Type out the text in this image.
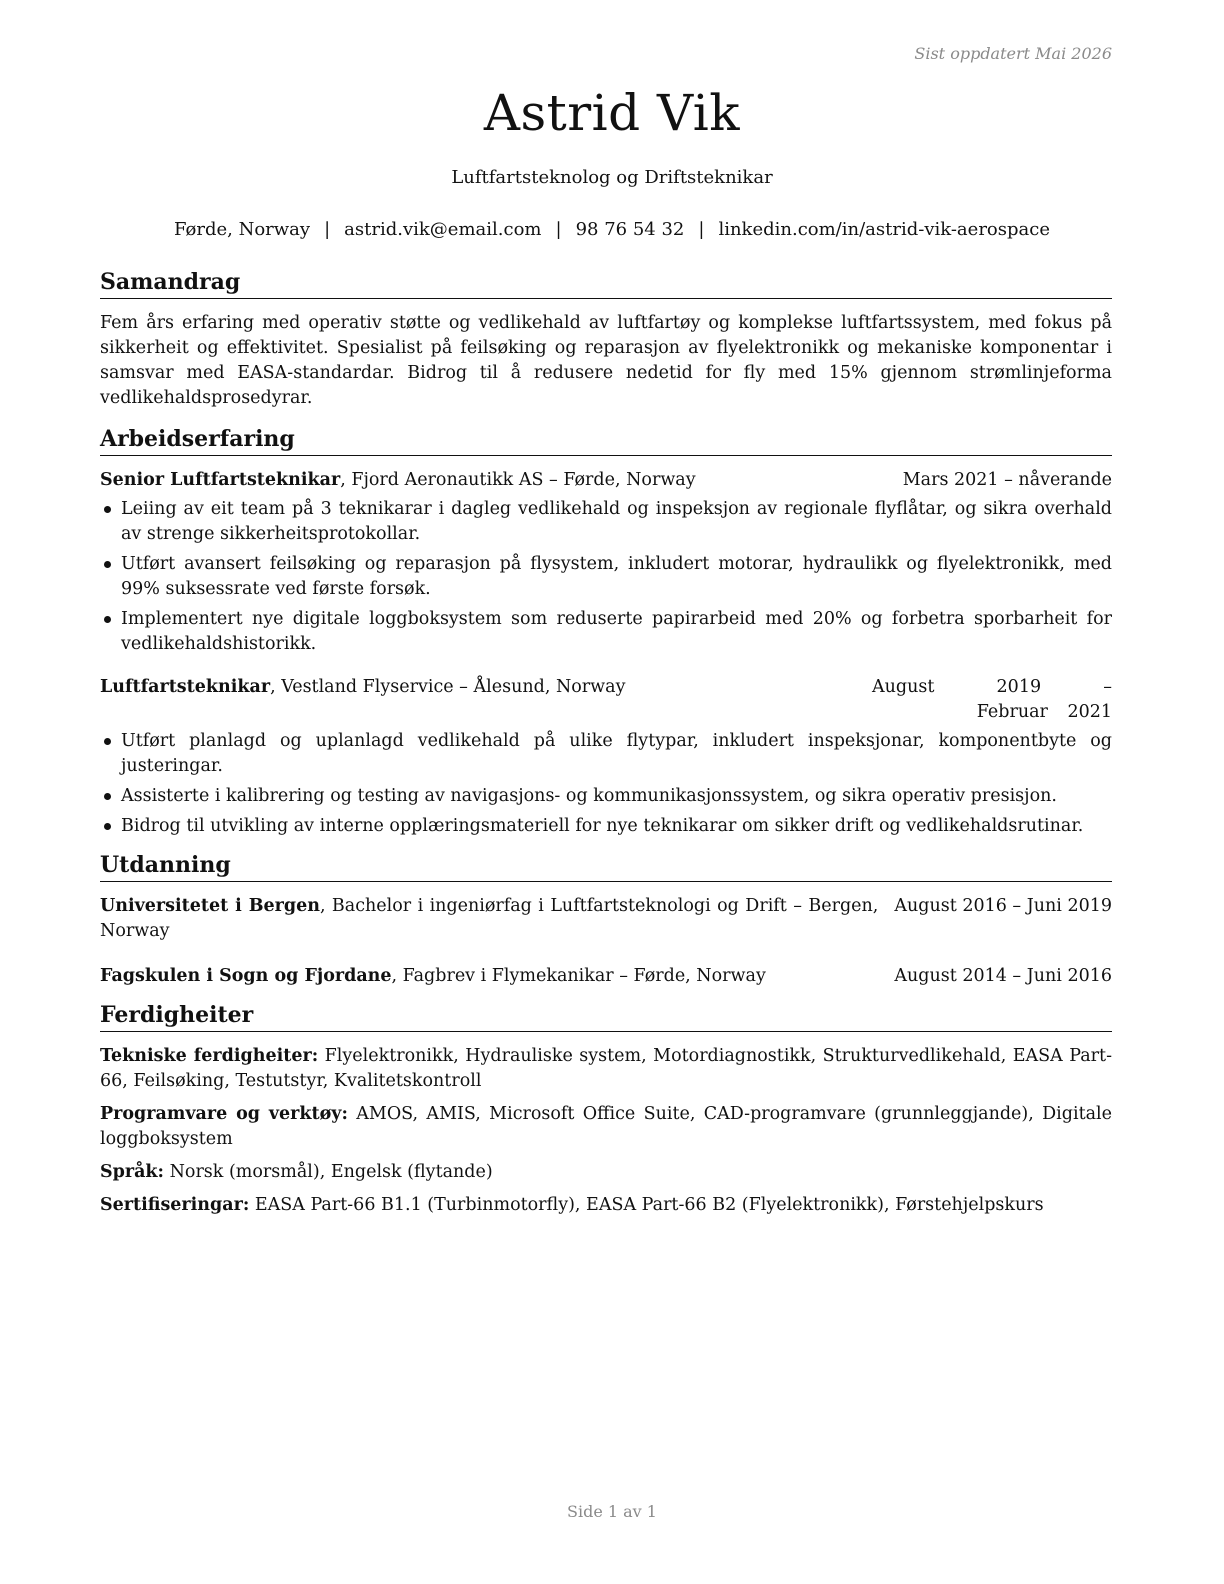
Sist oppdatert Mai 2026
Astrid Vik
Luftfartsteknolog og Driftsteknikar
Førde, Norway | astrid.vik@email.com | 98 76 54 32 | linkedin.com/in/astrid-vik-aerospace
Samandrag
Fem års erfaring med operativ støtte og vedlikehald av luftfartøy og komplekse luftfartssystem, med fokus på sikkerheit og effektivitet. Spesialist på feilsøking og reparasjon av flyelektronikk og mekaniske komponentar i samsvar med EASA-standardar. Bidrog til å redusere nedetid for fly med 15% gjennom strømlinjeforma vedlikehaldsprosedyrar.
Arbeidserfaring
Senior Luftfartsteknikar, Fjord Aeronautikk AS – Førde, Norway	Mars 2021 – nåverande
Leiing av eit team på 3 teknikarar i dagleg vedlikehald og inspeksjon av regionale flyflåtar, og sikra overhald av strenge sikkerheitsprotokollar.
Utført avansert feilsøking og reparasjon på flysystem, inkludert motorar, hydraulikk og flyelektronikk, med 99% suksessrate ved første forsøk.
Implementert nye digitale loggboksystem som reduserte papirarbeid med 20% og forbetra sporbarheit for vedlikehaldshistorikk.
Luftfartsteknikar, Vestland Flyservice – Ålesund, Norway	August 2019 – Februar 2021
Utført planlagd og uplanlagd vedlikehald på ulike flytypar, inkludert inspeksjonar, komponentbyte og justeringar.
Assisterte i kalibrering og testing av navigasjons- og kommunikasjonssystem, og sikra operativ presisjon.
Bidrog til utvikling av interne opplæringsmateriell for nye teknikarar om sikker drift og vedlikehaldsrutinar.
Utdanning
Universitetet i Bergen, Bachelor i ingeniørfag i Luftfartsteknologi og Drift – Bergen, Norway
August 2016 – Juni 2019
Fagskulen i Sogn og Fjordane, Fagbrev i Flymekanikar – Førde, Norway	August 2014 – Juni 2016
Ferdigheiter
Tekniske ferdigheiter: Flyelektronikk, Hydrauliske system, Motordiagnostikk, Strukturvedlikehald, EASA Part-66, Feilsøking, Testutstyr, Kvalitetskontroll
Programvare og verktøy: AMOS, AMIS, Microsoft Office Suite, CAD-programvare (grunnleggjande), Digitale loggboksystem
Språk: Norsk (morsmål), Engelsk (flytande)
Sertifiseringar: EASA Part-66 B1.1 (Turbinmotorfly), EASA Part-66 B2 (Flyelektronikk), Førstehjelpskurs
Side 1 av 1
